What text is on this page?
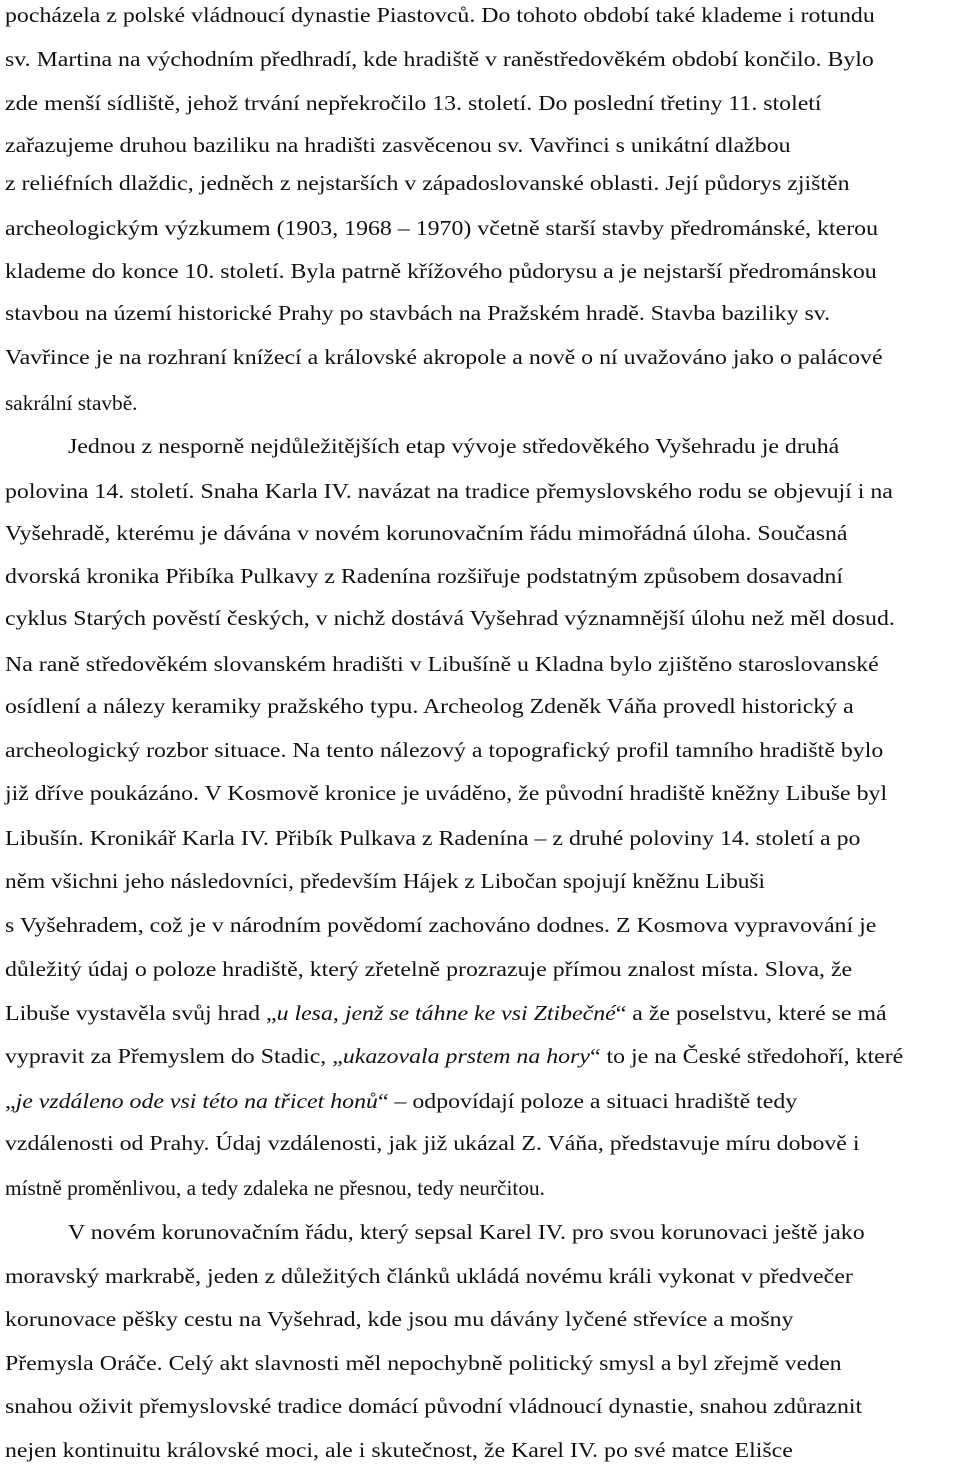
pocházela z polské vládnoucí dynastie Piastovců. Do tohoto období také klademe i rotundu
sv. Martina na východním předhradí, kde hradiště v raněstředověkém období končilo. Bylo
zde menší sídliště, jehož trvání nepřekročilo 13. století. Do poslední třetiny 11. století
zařazujeme druhou baziliku na hradišti zasvěcenou sv. Vavřinci s unikátní dlažbou
z reliéfních dlaždic, jedněch z nejstarších v západoslovanské oblasti. Její půdorys zjištěn
archeologickým výzkumem (1903, 1968 – 1970) včetně starší stavby předrománské, kterou
klademe do konce 10. století. Byla patrně křížového půdorysu a je nejstarší předrománskou
stavbou na území historické Prahy po stavbách na Pražském hradě. Stavba baziliky sv.
Vavřince je na rozhraní knížecí a královské akropole a nově o ní uvažováno jako o palácové
sakrální stavbě.
Jednou z nesporně nejdůležitějších etap vývoje středověkého Vyšehradu je druhá
polovina 14. století. Snaha Karla IV. navázat na tradice přemyslovského rodu se objevují i na
Vyšehradě, kterému je dávána v novém korunovačním řádu mimořádná úloha. Současná
dvorská kronika Přibíka Pulkavy z Radenína rozšiřuje podstatným způsobem dosavadní
cyklus Starých pověstí českých, v nichž dostává Vyšehrad významnější úlohu než měl dosud.
Na raně středověkém slovanském hradišti v Libušíně u Kladna bylo zjištěno staroslovanské
osídlení a nálezy keramiky pražského typu. Archeolog Zdeněk Váňa provedl historický a
archeologický rozbor situace. Na tento nálezový a topografický profil tamního hradiště bylo
již dříve poukázáno. V Kosmově kronice je uváděno, že původní hradiště kněžny Libuše byl
Libušín. Kronikář Karla IV. Přibík Pulkava z Radenína – z druhé poloviny 14. století a po
něm všichni jeho následovníci, především Hájek z Libočan spojují kněžnu Libuši
s Vyšehradem, což je v národním povědomí zachováno dodnes. Z Kosmova vypravování je
důležitý údaj o poloze hradiště, který zřetelně prozrazuje přímou znalost místa. Slova, že
Libuše vystavěla svůj hrad „u lesa, jenž se táhne ke vsi Ztibečné“ a že poselstvu, které se má
vypravit za Přemyslem do Stadic, „ukazovala prstem na hory“ to je na České středohoří, které
„je vzdáleno ode vsi této na třicet honů“ – odpovídají poloze a situaci hradiště tedy
vzdálenosti od Prahy. Údaj vzdálenosti, jak již ukázal Z. Váňa, představuje míru dobově i
místně proměnlivou, a tedy zdaleka ne přesnou, tedy neurčitou.
V novém korunovačním řádu, který sepsal Karel IV. pro svou korunovaci ještě jako
moravský markrabě, jeden z důležitých článků ukládá novému králi vykonat v předvečer
korunovace pěšky cestu na Vyšehrad, kde jsou mu dávány lyčené střevíce a mošny
Přemysla Oráče. Celý akt slavnosti měl nepochybně politický smysl a byl zřejmě veden
snahou oživit přemyslovské tradice domácí původní vládnoucí dynastie, snahou zdůraznit
nejen kontinuitu královské moci, ale i skutečnost, že Karel IV. po své matce Elišce
